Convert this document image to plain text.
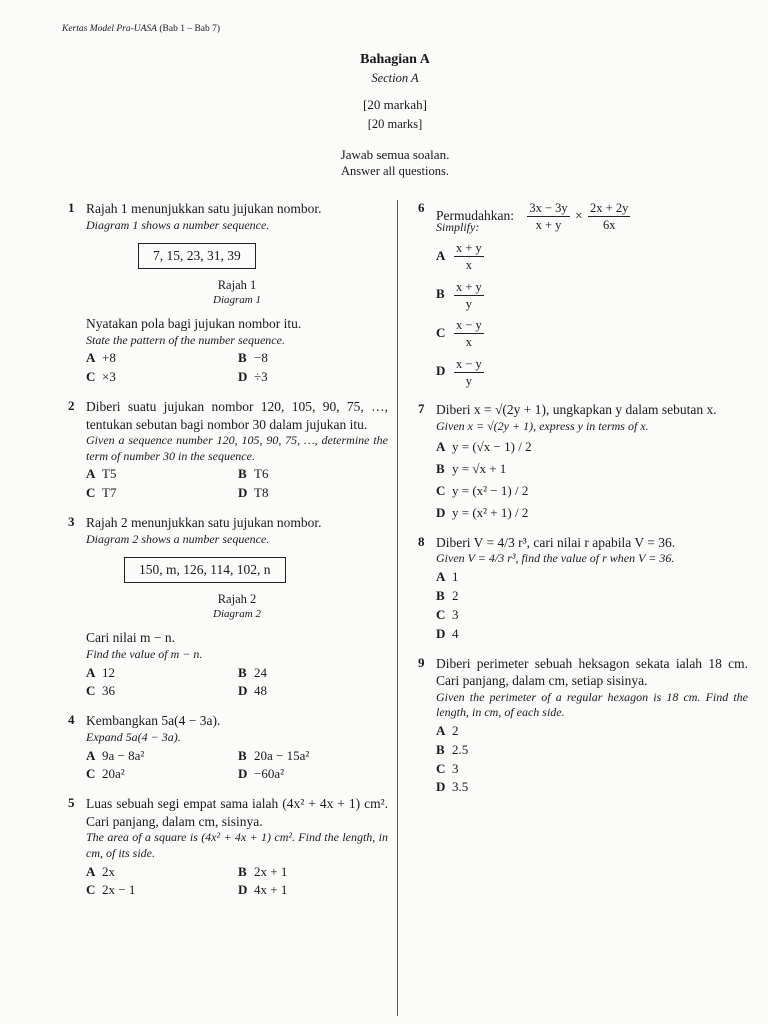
Kertas Model Pra-UASA (Bab 1 – Bab 7)
Bahagian A
Section A
[20 markah]
[20 marks]
Jawab semua soalan.
Answer all questions.
1 Rajah 1 menunjukkan satu jujukan nombor.
Diagram 1 shows a number sequence.
7, 15, 23, 31, 39
Rajah 1
Diagram 1
Nyatakan pola bagi jujukan nombor itu.
State the pattern of the number sequence.
A +8	B −8
C ×3	D ÷3
2 Diberi suatu jujukan nombor 120, 105, 90, 75, …, tentukan sebutan bagi nombor 30 dalam jujukan itu.
Given a sequence number 120, 105, 90, 75, …, determine the term of number 30 in the sequence.
A T5	B T6
C T7	D T8
3 Rajah 2 menunjukkan satu jujukan nombor.
Diagram 2 shows a number sequence.
150, m, 126, 114, 102, n
Rajah 2
Diagram 2
Cari nilai m − n.
Find the value of m − n.
A 12	B 24
C 36	D 48
4 Kembangkan 5a(4 − 3a).
Expand 5a(4 − 3a).
A 9a − 8a²	B 20a − 15a²
C 20a²	D −60a²
5 Luas sebuah segi empat sama ialah (4x² + 4x + 1) cm². Cari panjang, dalam cm, sisinya.
The area of a square is (4x² + 4x + 1) cm². Find the length, in cm, of its side.
A 2x	B 2x + 1
C 2x − 1	D 4x + 1
6
Permudahkan: $\frac{3x - 3y}{x + y} \times \frac{2x + 2y}{6x}$
Simplify:
A $\frac{x + y}{x}$
B $\frac{x + y}{y}$
C $\frac{x - y}{x}$
D $\frac{x - y}{y}$
7 Diberi x = √(2y + 1), ungkapkan y dalam sebutan x.
Given x = √(2y + 1), express y in terms of x.
A y = (√x − 1) / 2
B y = √x + 1
C y = (x² − 1) / 2
D y = (x² + 1) / 2
8 Diberi V = 4/3 r³, cari nilai r apabila V = 36.
Given V = 4/3 r³, find the value of r when V = 36.
A 1
B 2
C 3
D 4
9 Diberi perimeter sebuah heksagon sekata ialah 18 cm. Cari panjang, dalam cm, setiap sisinya.
Given the perimeter of a regular hexagon is 18 cm. Find the length, in cm, of each side.
A 2
B 2.5
C 3
D 3.5
